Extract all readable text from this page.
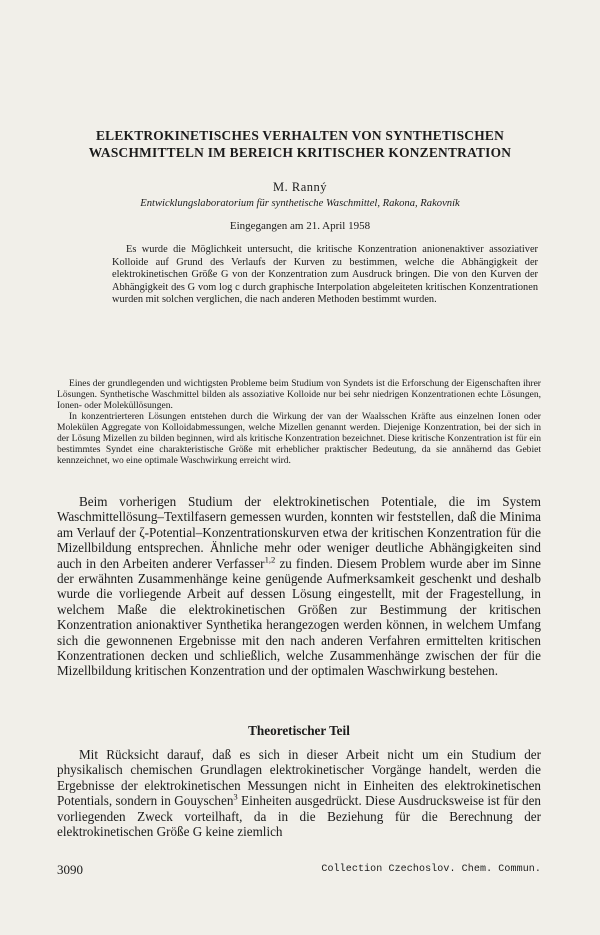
ELEKTROKINETISCHES VERHALTEN VON SYNTHETISCHEN
WASCHMITTELN IM BEREICH KRITISCHER KONZENTRATION
M. Ranný
Entwicklungslaboratorium für synthetische Waschmittel, Rakona, Rakovník
Eingegangen am 21. April 1958

Es wurde die Möglichkeit untersucht, die kritische Konzentration anionenaktiver assoziativer Kolloide auf Grund des Verlaufs der Kurven zu bestimmen, welche die Abhängigkeit der elektrokinetischen Größe G von der Konzentration zum Ausdruck bringen. Die von den Kurven der Abhängigkeit des G vom log c durch graphische Interpolation abgeleiteten kritischen Konzentrationen wurden mit solchen verglichen, die nach anderen Methoden bestimmt wurden.

Eines der grundlegenden und wichtigsten Probleme beim Studium von Syndets ist die Erforschung der Eigenschaften ihrer Lösungen. Synthetische Waschmittel bilden als assoziative Kolloide nur bei sehr niedrigen Konzentrationen echte Lösungen, Ionen- oder Moleküllösungen.

In konzentrierteren Lösungen entstehen durch die Wirkung der van der Waalsschen Kräfte aus einzelnen Ionen oder Molekülen Aggregate von Kolloidabmessungen, welche Mizellen genannt werden. Diejenige Konzentration, bei der sich in der Lösung Mizellen zu bilden beginnen, wird als kritische Konzentration bezeichnet. Diese kritische Konzentration ist für ein bestimmtes Syndet eine charakteristische Größe mit erheblicher praktischer Bedeutung, da sie annähernd das Gebiet kennzeichnet, wo eine optimale Waschwirkung erreicht wird.

Beim vorherigen Studium der elektrokinetischen Potentiale, die im System Waschmittellösung–Textilfasern gemessen wurden, konnten wir feststellen, daß die Minima am Verlauf der ζ-Potential–Konzentrationskurven etwa der kritischen Konzentration für die Mizellbildung entsprechen. Ähnliche mehr oder weniger deutliche Abhängigkeiten sind auch in den Arbeiten anderer Verfasser$^{1,2}$ zu finden. Diesem Problem wurde aber im Sinne der erwähnten Zusammenhänge keine genügende Aufmerksamkeit geschenkt und deshalb wurde die vorliegende Arbeit auf dessen Lösung eingestellt, mit der Fragestellung, in welchem Maße die elektrokinetischen Größen zur Bestimmung der kritischen Konzentration anionaktiver Synthetika herangezogen werden können, in welchem Umfang sich die gewonnenen Ergebnisse mit den nach anderen Verfahren ermittelten kritischen Konzentrationen decken und schließlich, welche Zusammenhänge zwischen der für die Mizellbildung kritischen Konzentration und der optimalen Waschwirkung bestehen.

Theoretischer Teil

Mit Rücksicht darauf, daß es sich in dieser Arbeit nicht um ein Studium der physikalisch chemischen Grundlagen elektrokinetischer Vorgänge handelt, werden die Ergebnisse der elektrokinetischen Messungen nicht in Einheiten des elektrokinetischen Potentials, sondern in Gouyschen$^3$ Einheiten ausgedrückt. Diese Ausdrucksweise ist für den vorliegenden Zweck vorteilhaft, da in die Beziehung für die Berechnung der elektrokinetischen Größe G keine ziemlich

3090	Collection Czechoslov. Chem. Commun.
